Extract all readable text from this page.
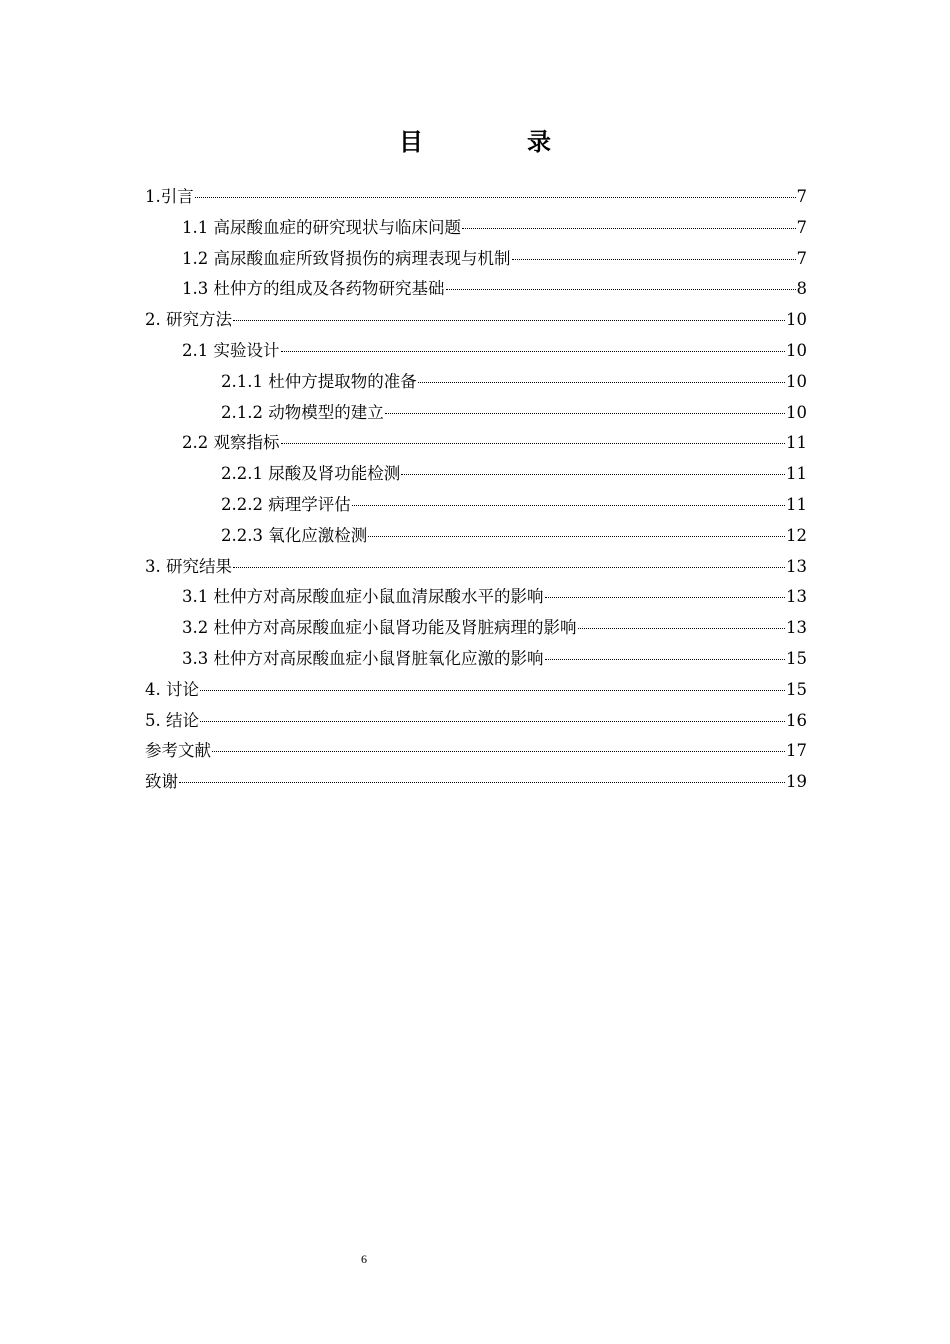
目　录
1.引言	7
1.1 高尿酸血症的研究现状与临床问题	7
1.2 高尿酸血症所致肾损伤的病理表现与机制	7
1.3 杜仲方的组成及各药物研究基础	8
2. 研究方法	10
2.1 实验设计	10
2.1.1 杜仲方提取物的准备	10
2.1.2 动物模型的建立	10
2.2 观察指标	11
2.2.1 尿酸及肾功能检测	11
2.2.2 病理学评估	11
2.2.3 氧化应激检测	12
3. 研究结果	13
3.1 杜仲方对高尿酸血症小鼠血清尿酸水平的影响	13
3.2 杜仲方对高尿酸血症小鼠肾功能及肾脏病理的影响	13
3.3 杜仲方对高尿酸血症小鼠肾脏氧化应激的影响	15
4. 讨论	15
5. 结论	16
参考文献	17
致谢	19
6
